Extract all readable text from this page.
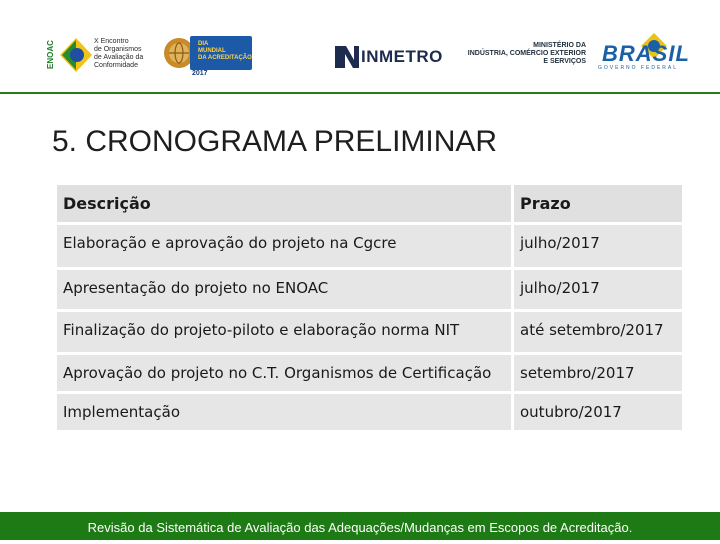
ENOAC	X Encontro
de Organismos
de Avaliação da
Conformidade
DIA
MUNDIAL
DA ACREDITAÇÃO
2017
INMETRO
MINISTÉRIO DA
INDÚSTRIA, COMÉRCIO EXTERIOR
E SERVIÇOS BRASIL
GOVERNO FEDERAL
5. CRONOGRAMA PRELIMINAR
Descrição	Prazo
Elaboração e aprovação do projeto na Cgcre	julho/2017
Apresentação do projeto no ENOAC	julho/2017
Finalização do projeto-piloto e elaboração norma NIT	até setembro/2017
Aprovação do projeto no C.T. Organismos de Certificação	setembro/2017
Implementação	outubro/2017
Revisão da Sistemática de Avaliação das Adequações/Mudanças em Escopos de Acreditação.
